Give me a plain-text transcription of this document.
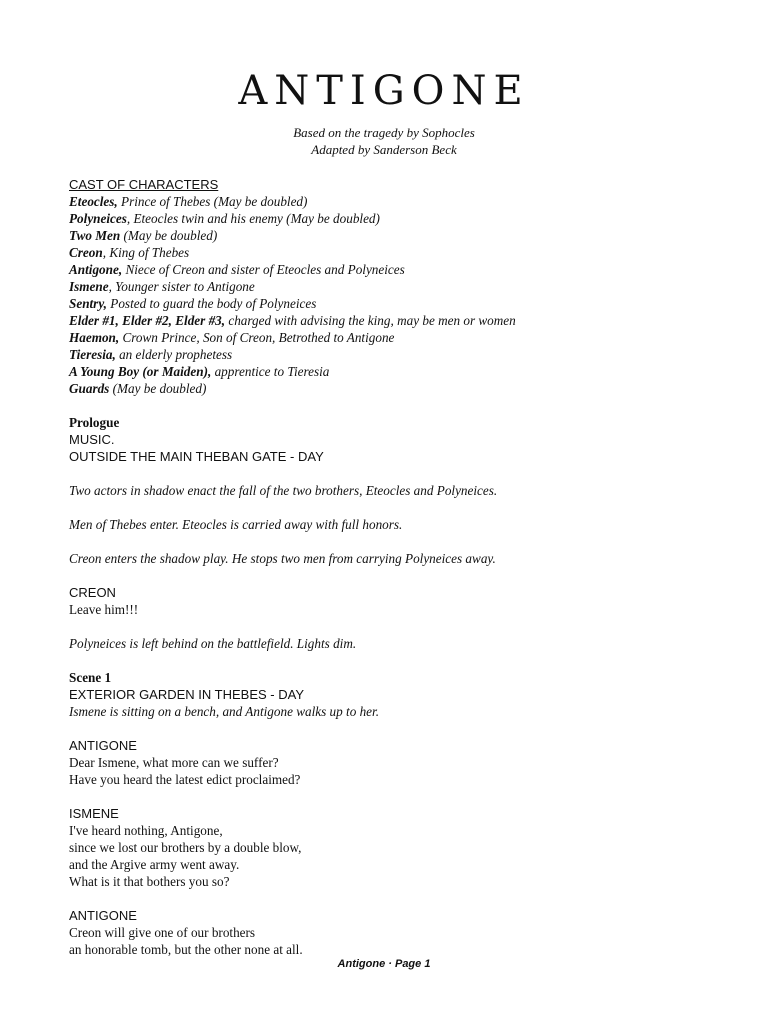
ANTIGONE
Based on the tragedy by Sophocles
Adapted by Sanderson Beck
CAST OF CHARACTERS
Eteocles, Prince of Thebes (May be doubled)
Polyneices, Eteocles twin and his enemy (May be doubled)
Two Men (May be doubled)
Creon, King of Thebes
Antigone, Niece of Creon and sister of Eteocles and Polyneices
Ismene, Younger sister to Antigone
Sentry, Posted to guard the body of Polyneices
Elder #1, Elder #2, Elder #3, charged with advising the king, may be men or women
Haemon, Crown Prince, Son of Creon, Betrothed to Antigone
Tieresia, an elderly prophetess
A Young Boy (or Maiden), apprentice to Tieresia
Guards (May be doubled)
Prologue
MUSIC.
OUTSIDE THE MAIN THEBAN GATE - DAY
Two actors in shadow enact the fall of the two brothers, Eteocles and Polyneices.
Men of Thebes enter. Eteocles is carried away with full honors.
Creon enters the shadow play. He stops two men from carrying Polyneices away.
CREON
Leave him!!!
Polyneices is left behind on the battlefield. Lights dim.
Scene 1
EXTERIOR GARDEN IN THEBES - DAY
Ismene is sitting on a bench, and Antigone walks up to her.
ANTIGONE
Dear Ismene, what more can we suffer?
Have you heard the latest edict proclaimed?
ISMENE
I've heard nothing, Antigone,
since we lost our brothers by a double blow,
and the Argive army went away.
What is it that bothers you so?
ANTIGONE
Creon will give one of our brothers
an honorable tomb, but the other none at all.
Antigone · Page 1
